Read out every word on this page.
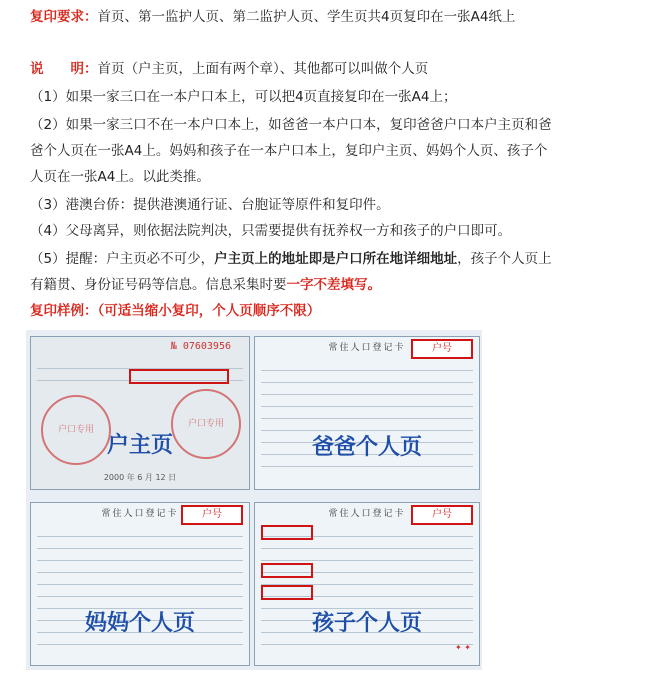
复印要求：首页、第一监护人页、第二监护人页、学生页共4页复印在一张A4纸上
说　　明：首页（户主页，上面有两个章）、其他都可以叫做个人页
（1）如果一家三口在一本户口本上，可以把4页直接复印在一张A4上；
（2）如果一家三口不在一本户口本上，如爸爸一本户口本，复印爸爸户口本户主页和爸
爸个人页在一张A4上。妈妈和孩子在一本户口本上，复印户主页、妈妈个人页、孩子个
人页在一张A4上。以此类推。
（3）港澳台侨：提供港澳通行证、台胞证等原件和复印件。
（4）父母离异，则依据法院判决，只需要提供有抚养权一方和孩子的户口即可。
（5）提醒：户主页必不可少，户主页上的地址即是户口所在地详细地址，孩子个人页上
有籍贯、身份证号码等信息。信息采集时要一字不差填写。
复印样例：（可适当缩小复印，个人页顺序不限）
№ 07603956
户口专用
户口专用
户主页
2000 年 6 月 12 日
常住人口登记卡	户号
爸爸个人页
常住人口登记卡	户号
妈妈个人页
常住人口登记卡	户号
孩子个人页
✦ ✦
